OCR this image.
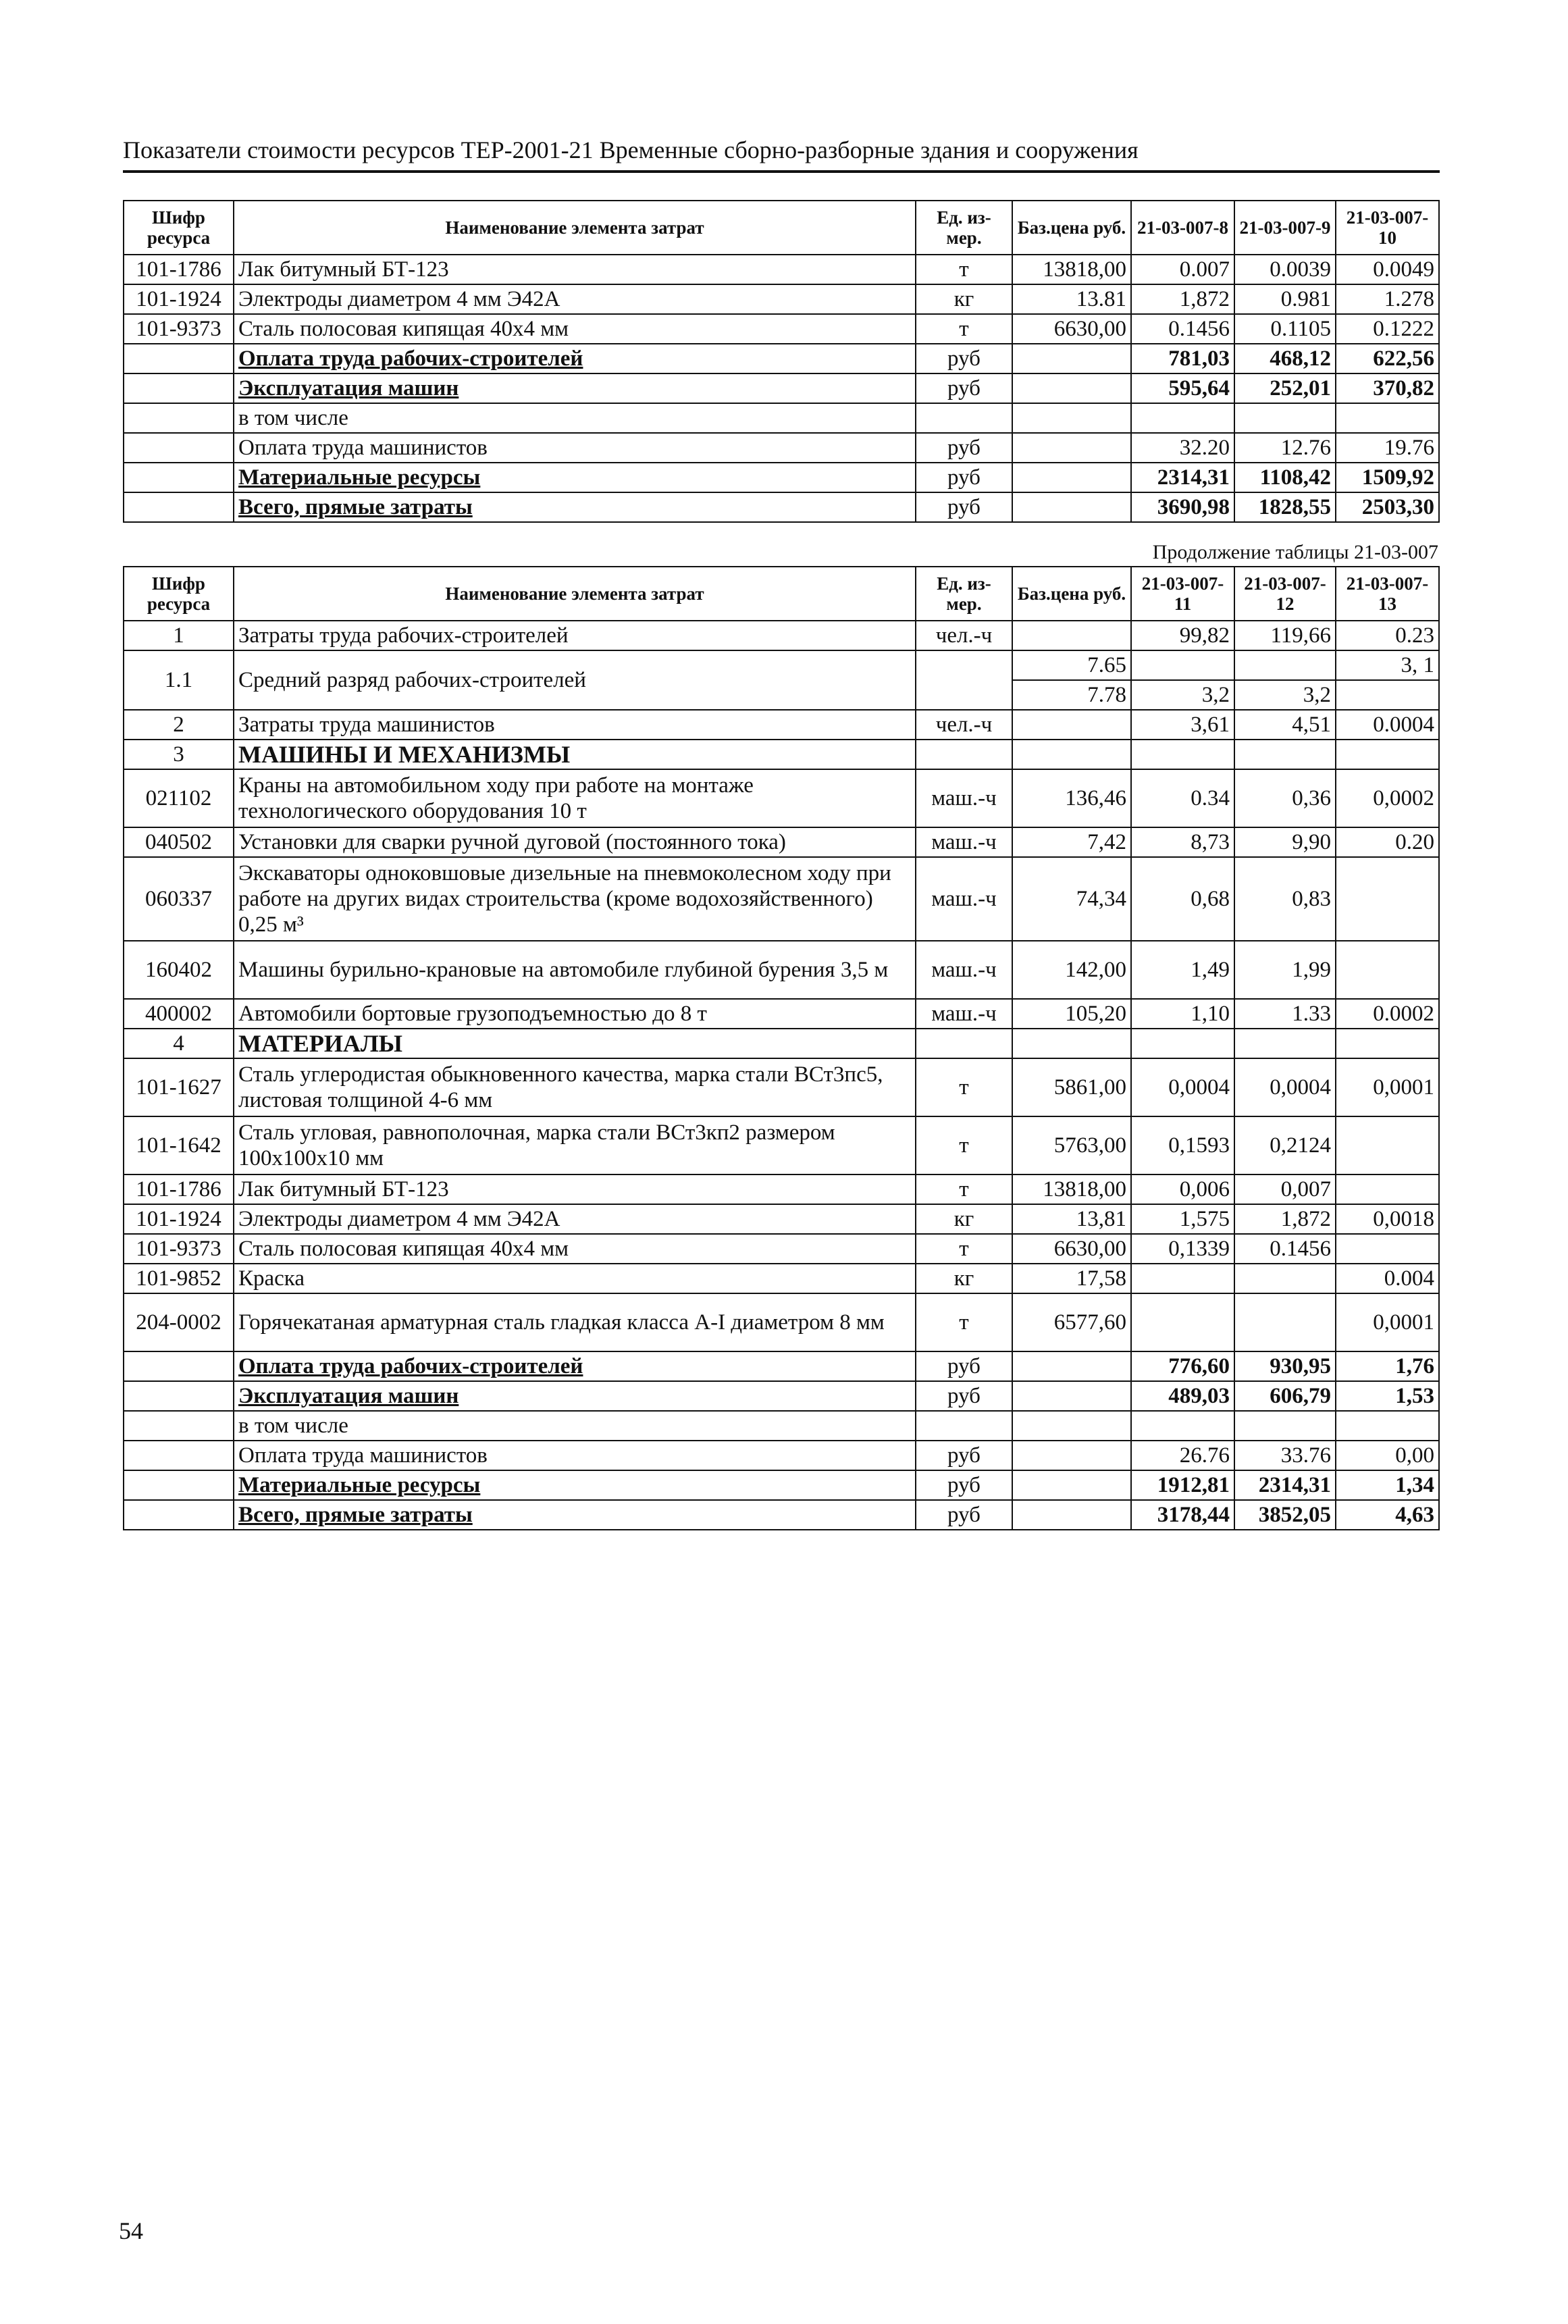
Показатели стоимости ресурсов ТЕР-2001-21 Временные сборно-разборные здания и сооружения
Шифр ресурса	Наименование элемента затрат	Ед. из-мер.	Баз.цена руб.	21-03-007-8	21-03-007-9	21-03-007-10
101-1786	Лак битумный БТ-123	т	13818,00	0.007	0.0039	0.0049
101-1924	Электроды диаметром 4 мм Э42А	кг	13.81	1,872	0.981	1.278
101-9373	Сталь полосовая кипящая 40х4 мм	т	6630,00	0.1456	0.1105	0.1222
	Оплата труда рабочих-строителей	руб		781,03	468,12	622,56
	Эксплуатация машин	руб		595,64	252,01	370,82
	в том числе					
	Оплата труда машинистов	руб		32.20	12.76	19.76
	Материальные ресурсы	руб		2314,31	1108,42	1509,92
	Всего, прямые затраты	руб		3690,98	1828,55	2503,30
Продолжение таблицы 21-03-007
Шифр ресурса	Наименование элемента затрат	Ед. из-мер.	Баз.цена руб.	21-03-007-11	21-03-007-12	21-03-007-13
1	Затраты труда рабочих-строителей	чел.-ч		99,82	119,66	0.23
1.1	Средний разряд рабочих-строителей		7.65			3, 1
			7.78	3,2	3,2	
2	Затраты труда машинистов	чел.-ч		3,61	4,51	0.0004
3	МАШИНЫ И МЕХАНИЗМЫ					
021102	Краны на автомобильном ходу при работе на монтаже технологического оборудования 10 т	маш.-ч	136,46	0.34	0,36	0,0002
040502	Установки для сварки ручной дуговой (постоянного тока)	маш.-ч	7,42	8,73	9,90	0.20
060337	Экскаваторы одноковшовые дизельные на пневмоколесном ходу при работе на других видах строительства (кроме водохозяйственного) 0,25 м³	маш.-ч	74,34	0,68	0,83	
160402	Машины бурильно-крановые на автомобиле глубиной бурения 3,5 м	маш.-ч	142,00	1,49	1,99	
400002	Автомобили бортовые грузоподъемностью до 8 т	маш.-ч	105,20	1,10	1.33	0.0002
4	МАТЕРИАЛЫ					
101-1627	Сталь углеродистая обыкновенного качества, марка стали ВСт3пс5, листовая толщиной 4-6 мм	т	5861,00	0,0004	0,0004	0,0001
101-1642	Сталь угловая, равнополочная, марка стали ВСт3кп2 размером 100х100х10 мм	т	5763,00	0,1593	0,2124	
101-1786	Лак битумный БТ-123	т	13818,00	0,006	0,007	
101-1924	Электроды диаметром 4 мм Э42А	кг	13,81	1,575	1,872	0,0018
101-9373	Сталь полосовая кипящая 40х4 мм	т	6630,00	0,1339	0.1456	
101-9852	Краска	кг	17,58			0.004
204-0002	Горячекатаная арматурная сталь гладкая класса А-I диаметром 8 мм	т	6577,60			0,0001
	Оплата труда рабочих-строителей	руб		776,60	930,95	1,76
	Эксплуатация машин	руб		489,03	606,79	1,53
	в том числе					
	Оплата труда машинистов	руб		26.76	33.76	0,00
	Материальные ресурсы	руб		1912,81	2314,31	1,34
	Всего, прямые затраты	руб		3178,44	3852,05	4,63
54
